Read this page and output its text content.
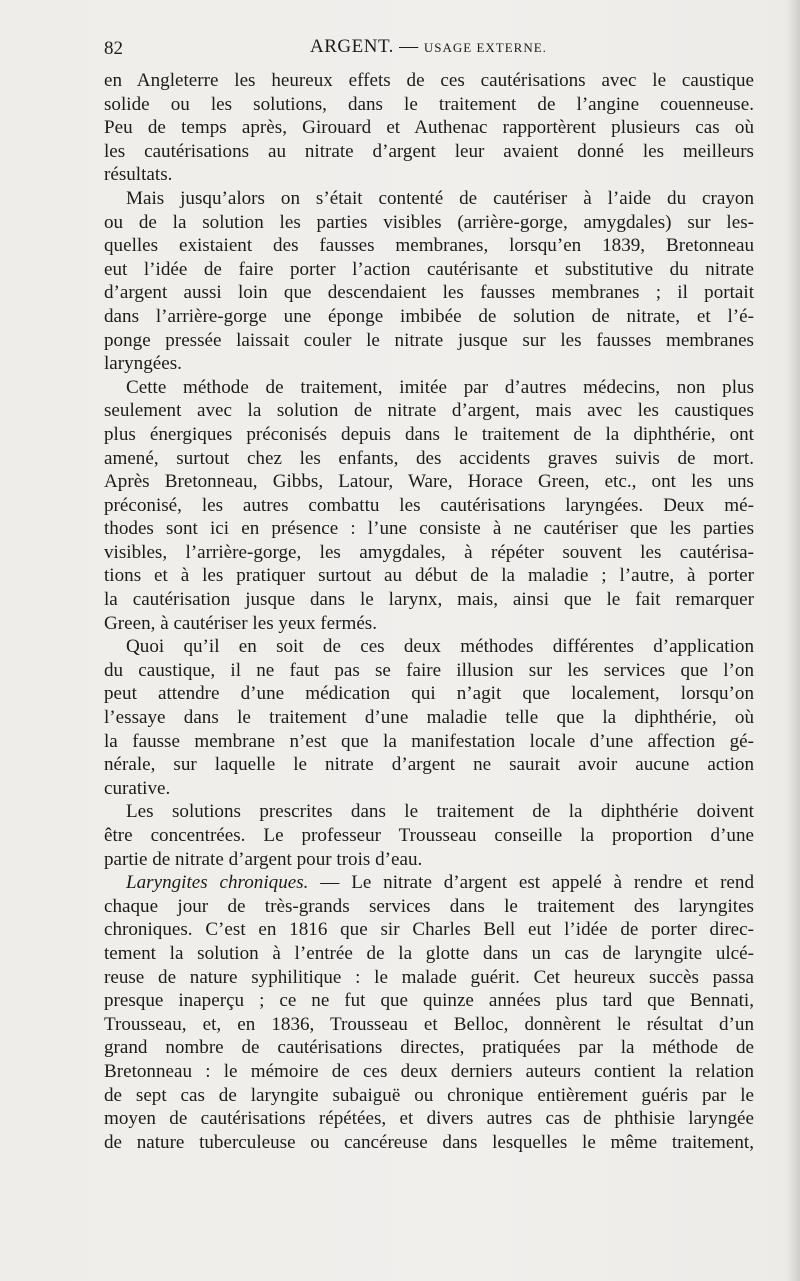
82	ARGENT. — USAGE EXTERNE.
en Angleterre les heureux effets de ces cautérisations avec le caustique
solide ou les solutions, dans le traitement de l’angine couenneuse.
Peu de temps après, Girouard et Authenac rapportèrent plusieurs cas où
les cautérisations au nitrate d’argent leur avaient donné les meilleurs
résultats.
Mais jusqu’alors on s’était contenté de cautériser à l’aide du crayon
ou de la solution les parties visibles (arrière-gorge, amygdales) sur les-
quelles existaient des fausses membranes, lorsqu’en 1839, Bretonneau
eut l’idée de faire porter l’action cautérisante et substitutive du nitrate
d’argent aussi loin que descendaient les fausses membranes ; il portait
dans l’arrière-gorge une éponge imbibée de solution de nitrate, et l’é-
ponge pressée laissait couler le nitrate jusque sur les fausses membranes
laryngées.
Cette méthode de traitement, imitée par d’autres médecins, non plus
seulement avec la solution de nitrate d’argent, mais avec les caustiques
plus énergiques préconisés depuis dans le traitement de la diphthérie, ont
amené, surtout chez les enfants, des accidents graves suivis de mort.
Après Bretonneau, Gibbs, Latour, Ware, Horace Green, etc., ont les uns
préconisé, les autres combattu les cautérisations laryngées. Deux mé-
thodes sont ici en présence : l’une consiste à ne cautériser que les parties
visibles, l’arrière-gorge, les amygdales, à répéter souvent les cautérisa-
tions et à les pratiquer surtout au début de la maladie ; l’autre, à porter
la cautérisation jusque dans le larynx, mais, ainsi que le fait remarquer
Green, à cautériser les yeux fermés.
Quoi qu’il en soit de ces deux méthodes différentes d’application
du caustique, il ne faut pas se faire illusion sur les services que l’on
peut attendre d’une médication qui n’agit que localement, lorsqu’on
l’essaye dans le traitement d’une maladie telle que la diphthérie, où
la fausse membrane n’est que la manifestation locale d’une affection gé-
nérale, sur laquelle le nitrate d’argent ne saurait avoir aucune action
curative.
Les solutions prescrites dans le traitement de la diphthérie doivent
être concentrées. Le professeur Trousseau conseille la proportion d’une
partie de nitrate d’argent pour trois d’eau.
Laryngites chroniques. — Le nitrate d’argent est appelé à rendre et rend
chaque jour de très-grands services dans le traitement des laryngites
chroniques. C’est en 1816 que sir Charles Bell eut l’idée de porter direc-
tement la solution à l’entrée de la glotte dans un cas de laryngite ulcé-
reuse de nature syphilitique : le malade guérit. Cet heureux succès passa
presque inaperçu ; ce ne fut que quinze années plus tard que Bennati,
Trousseau, et, en 1836, Trousseau et Belloc, donnèrent le résultat d’un
grand nombre de cautérisations directes, pratiquées par la méthode de
Bretonneau : le mémoire de ces deux derniers auteurs contient la relation
de sept cas de laryngite subaiguë ou chronique entièrement guéris par le
moyen de cautérisations répétées, et divers autres cas de phthisie laryngée
de nature tuberculeuse ou cancéreuse dans lesquelles le même traitement,
